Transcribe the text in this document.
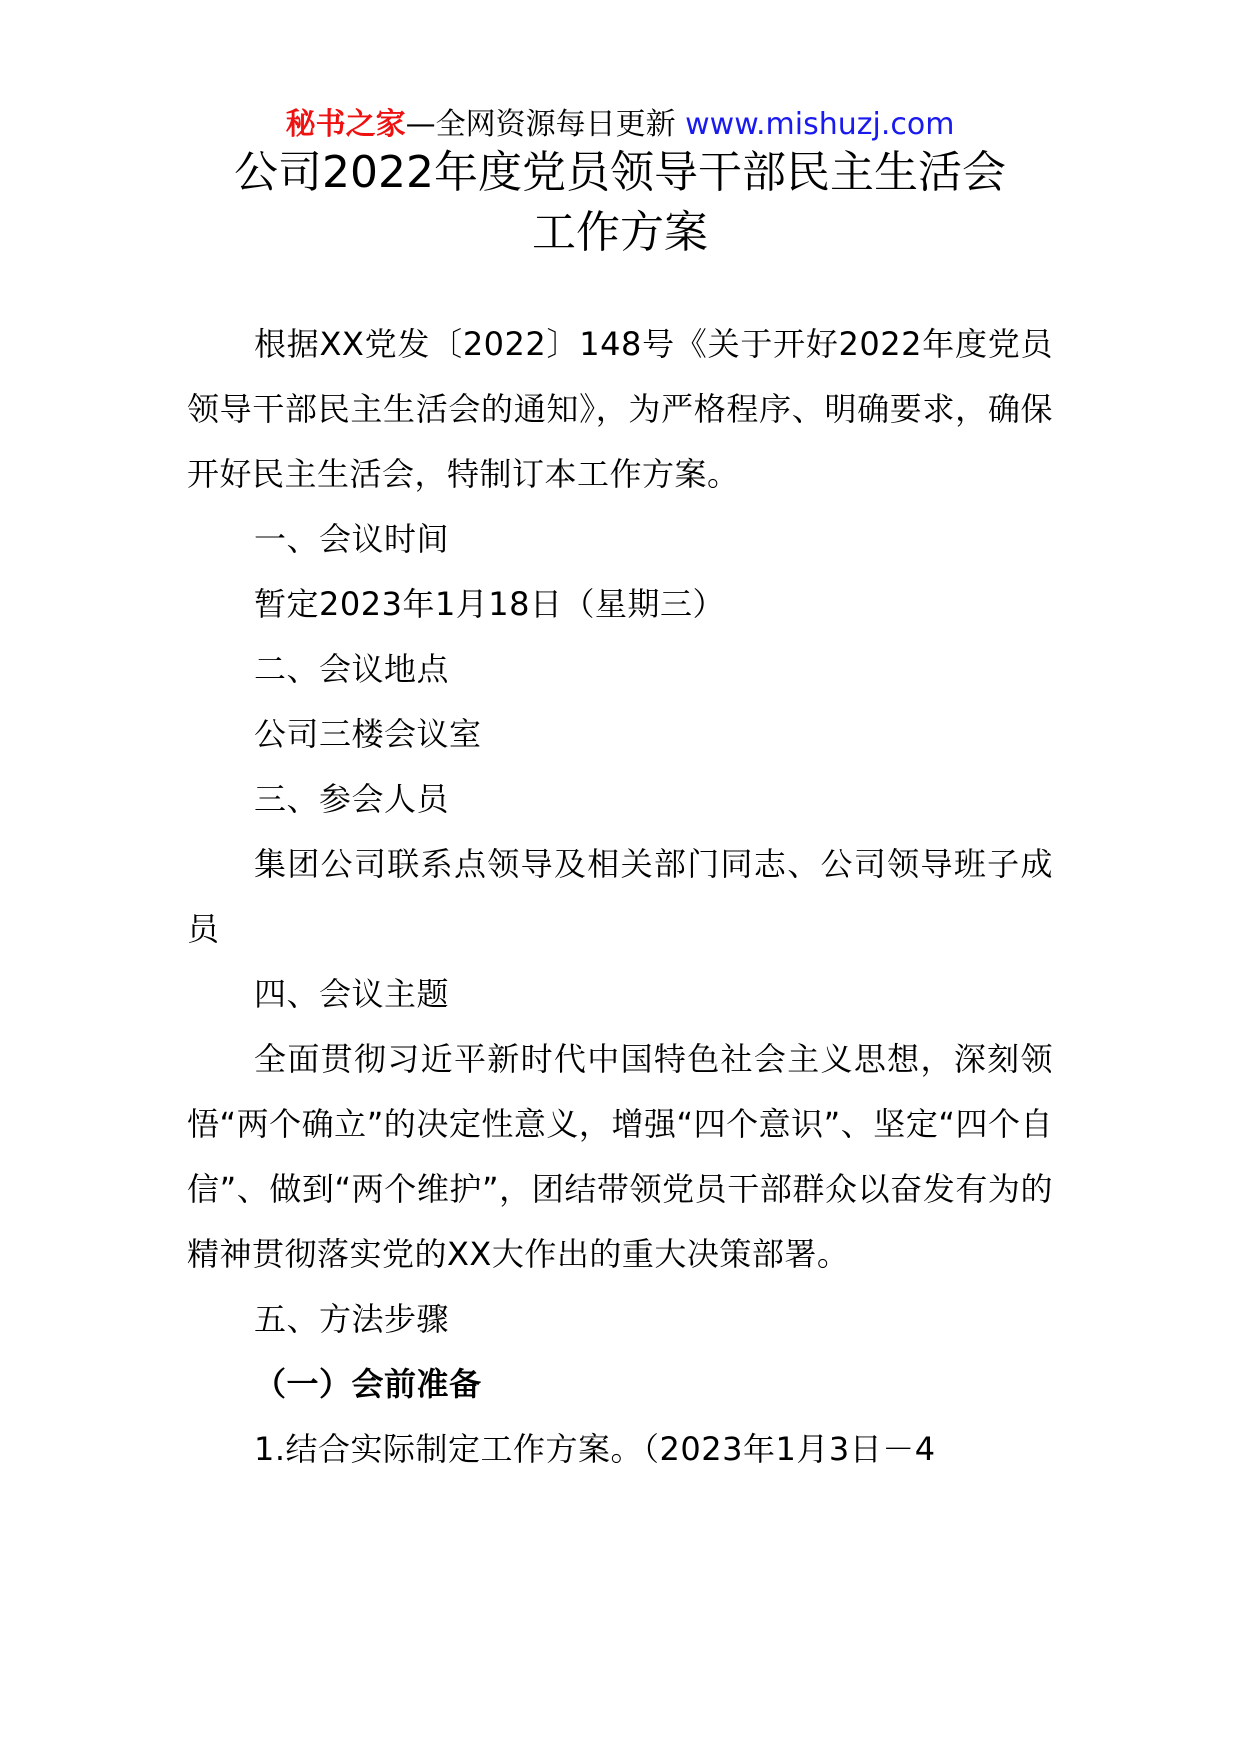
秘书之家—全网资源每日更新 www.mishuzj.com
公司2022年度党员领导干部民主生活会
工作方案

根据XX党发〔2022〕148号《关于开好2022年度党员领导干部民主生活会的通知》，为严格程序、明确要求，确保开好民主生活会，特制订本工作方案。

一、会议时间

暂定2023年1月18日（星期三）

二、会议地点

公司三楼会议室

三、参会人员

集团公司联系点领导及相关部门同志、公司领导班子成员

四、会议主题

全面贯彻习近平新时代中国特色社会主义思想，深刻领悟“两个确立”的决定性意义，增强“四个意识”、坚定“四个自信”、做到“两个维护”，团结带领党员干部群众以奋发有为的精神贯彻落实党的XX大作出的重大决策部署。

五、方法步骤

（一）会前准备

1.结合实际制定工作方案。（2023年1月3日－4
